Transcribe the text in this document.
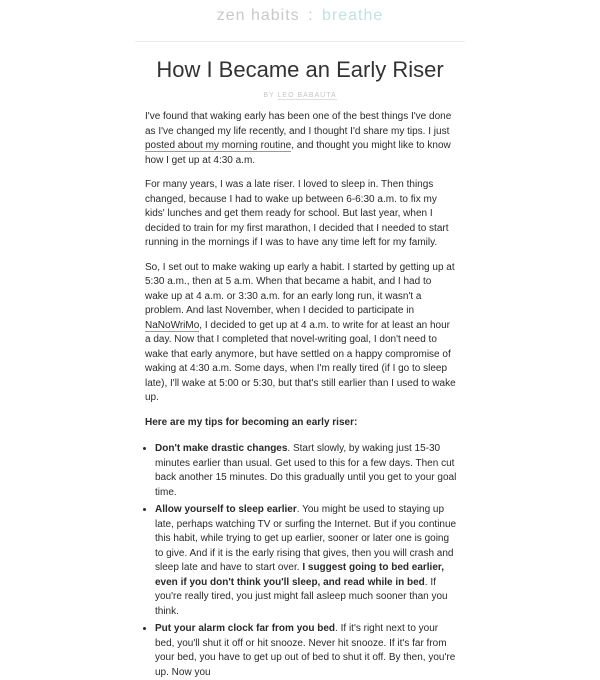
zen habits : breathe
How I Became an Early Riser
BY LEO BABAUTA

I've found that waking early has been one of the best things I've done as I've changed my life recently, and I thought I'd share my tips. I just posted about my morning routine, and thought you might like to know how I get up at 4:30 a.m.

For many years, I was a late riser. I loved to sleep in. Then things changed, because I had to wake up between 6-6:30 a.m. to fix my kids' lunches and get them ready for school. But last year, when I decided to train for my first marathon, I decided that I needed to start running in the mornings if I was to have any time left for my family.

So, I set out to make waking up early a habit. I started by getting up at 5:30 a.m., then at 5 a.m. When that became a habit, and I had to wake up at 4 a.m. or 3:30 a.m. for an early long run, it wasn't a problem. And last November, when I decided to participate in NaNoWriMo, I decided to get up at 4 a.m. to write for at least an hour a day. Now that I completed that novel-writing goal, I don't need to wake that early anymore, but have settled on a happy compromise of waking at 4:30 a.m. Some days, when I'm really tired (if I go to sleep late), I'll wake at 5:00 or 5:30, but that's still earlier than I used to wake up.

Here are my tips for becoming an early riser:

• Don't make drastic changes. Start slowly, by waking just 15-30 minutes earlier than usual. Get used to this for a few days. Then cut back another 15 minutes. Do this gradually until you get to your goal time.
• Allow yourself to sleep earlier. You might be used to staying up late, perhaps watching TV or surfing the Internet. But if you continue this habit, while trying to get up earlier, sooner or later one is going to give. And if it is the early rising that gives, then you will crash and sleep late and have to start over. I suggest going to bed earlier, even if you don't think you'll sleep, and read while in bed. If you're really tired, you just might fall asleep much sooner than you think.
• Put your alarm clock far from you bed. If it's right next to your bed, you'll shut it off or hit snooze. Never hit snooze. If it's far from your bed, you have to get up out of bed to shut it off. By then, you're up. Now you
